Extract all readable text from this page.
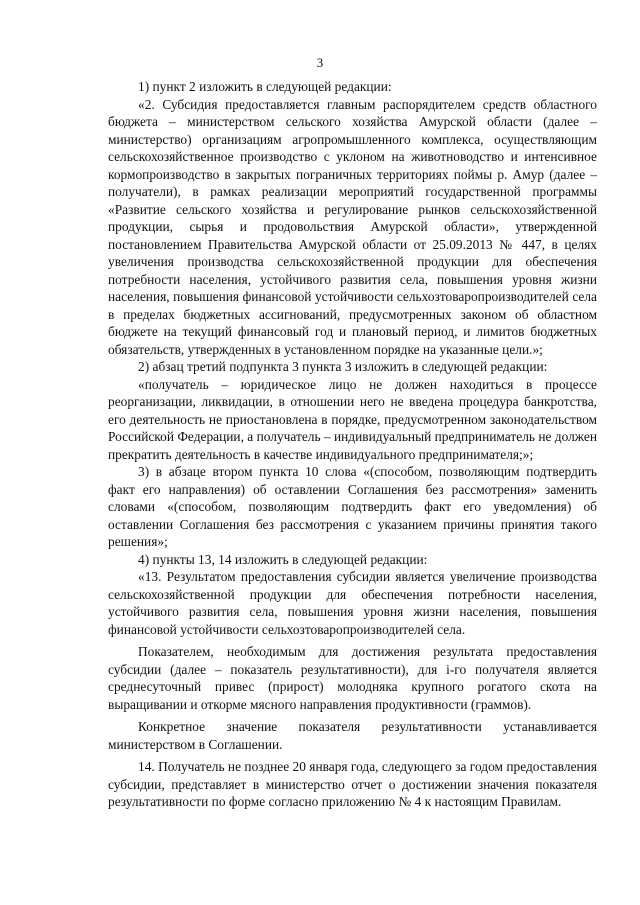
3

1) пункт 2 изложить в следующей редакции:

«2. Субсидия предоставляется главным распорядителем средств областного бюджета – министерством сельского хозяйства Амурской области (далее – министерство) организациям агропромышленного комплекса, осуществляющим сельскохозяйственное производство с уклоном на животноводство и интенсивное кормопроизводство в закрытых пограничных территориях поймы р. Амур (далее – получатели), в рамках реализации мероприятий государственной программы «Развитие сельского хозяйства и регулирование рынков сельскохозяйственной продукции, сырья и продовольствия Амурской области», утвержденной постановлением Правительства Амурской области от 25.09.2013 № 447, в целях увеличения производства сельскохозяйственной продукции для обеспечения потребности населения, устойчивого развития села, повышения уровня жизни населения, повышения финансовой устойчивости сельхозтоваропроизводителей села в пределах бюджетных ассигнований, предусмотренных законом об областном бюджете на текущий финансовый год и плановый период, и лимитов бюджетных обязательств, утвержденных в установленном порядке на указанные цели.»;

2) абзац третий подпункта 3 пункта 3 изложить в следующей редакции:

«получатель – юридическое лицо не должен находиться в процессе реорганизации, ликвидации, в отношении него не введена процедура банкротства, его деятельность не приостановлена в порядке, предусмотренном законодательством Российской Федерации, а получатель – индивидуальный предприниматель не должен прекратить деятельность в качестве индивидуального предпринимателя;»;

3) в абзаце втором пункта 10 слова «(способом, позволяющим подтвердить факт его направления) об оставлении Соглашения без рассмотрения» заменить словами «(способом, позволяющим подтвердить факт его уведомления) об оставлении Соглашения без рассмотрения с указанием причины принятия такого решения»;

4) пункты 13, 14 изложить в следующей редакции:

«13. Результатом предоставления субсидии является увеличение производства сельскохозяйственной продукции для обеспечения потребности населения, устойчивого развития села, повышения уровня жизни населения, повышения финансовой устойчивости сельхозтоваропроизводителей села.

Показателем, необходимым для достижения результата предоставления субсидии (далее – показатель результативности), для i-го получателя является среднесуточный привес (прирост) молодняка крупного рогатого скота на выращивании и откорме мясного направления продуктивности (граммов).

Конкретное значение показателя результативности устанавливается министерством в Соглашении.

14. Получатель не позднее 20 января года, следующего за годом предоставления субсидии, представляет в министерство отчет о достижении значения показателя результативности по форме согласно приложению № 4 к настоящим Правилам.
